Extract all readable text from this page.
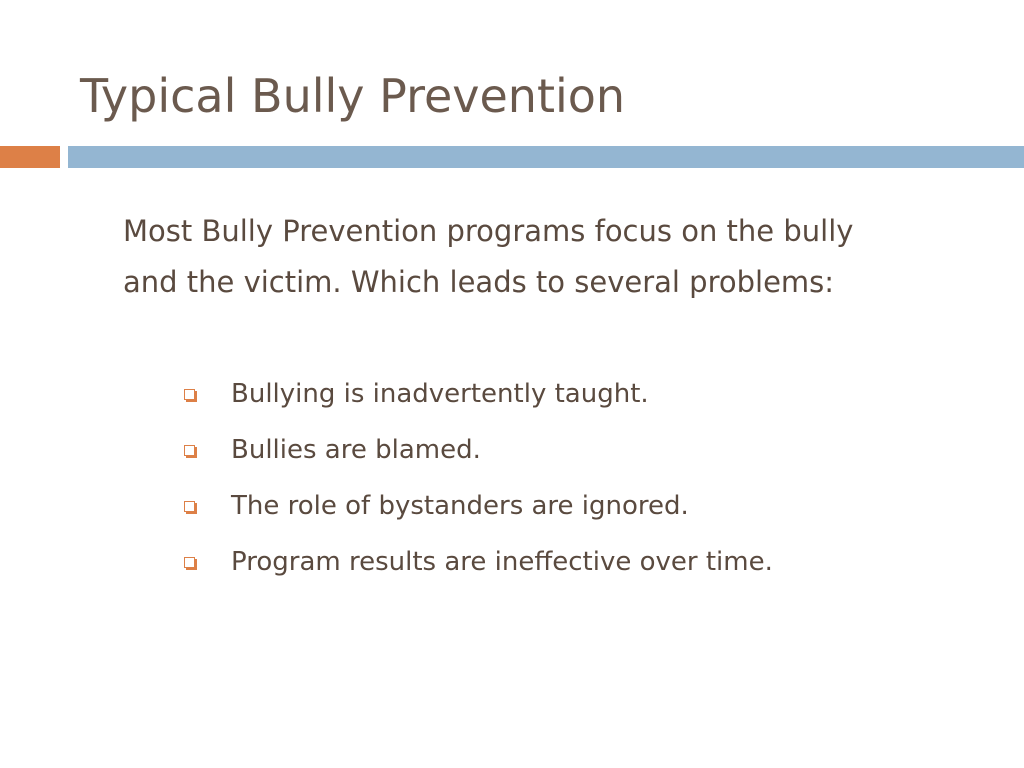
Typical Bully Prevention
Most Bully Prevention programs focus on the bully and the victim. Which leads to several problems:
Bullying is inadvertently taught.
Bullies are blamed.
The role of bystanders are ignored.
Program results are ineffective over time.
